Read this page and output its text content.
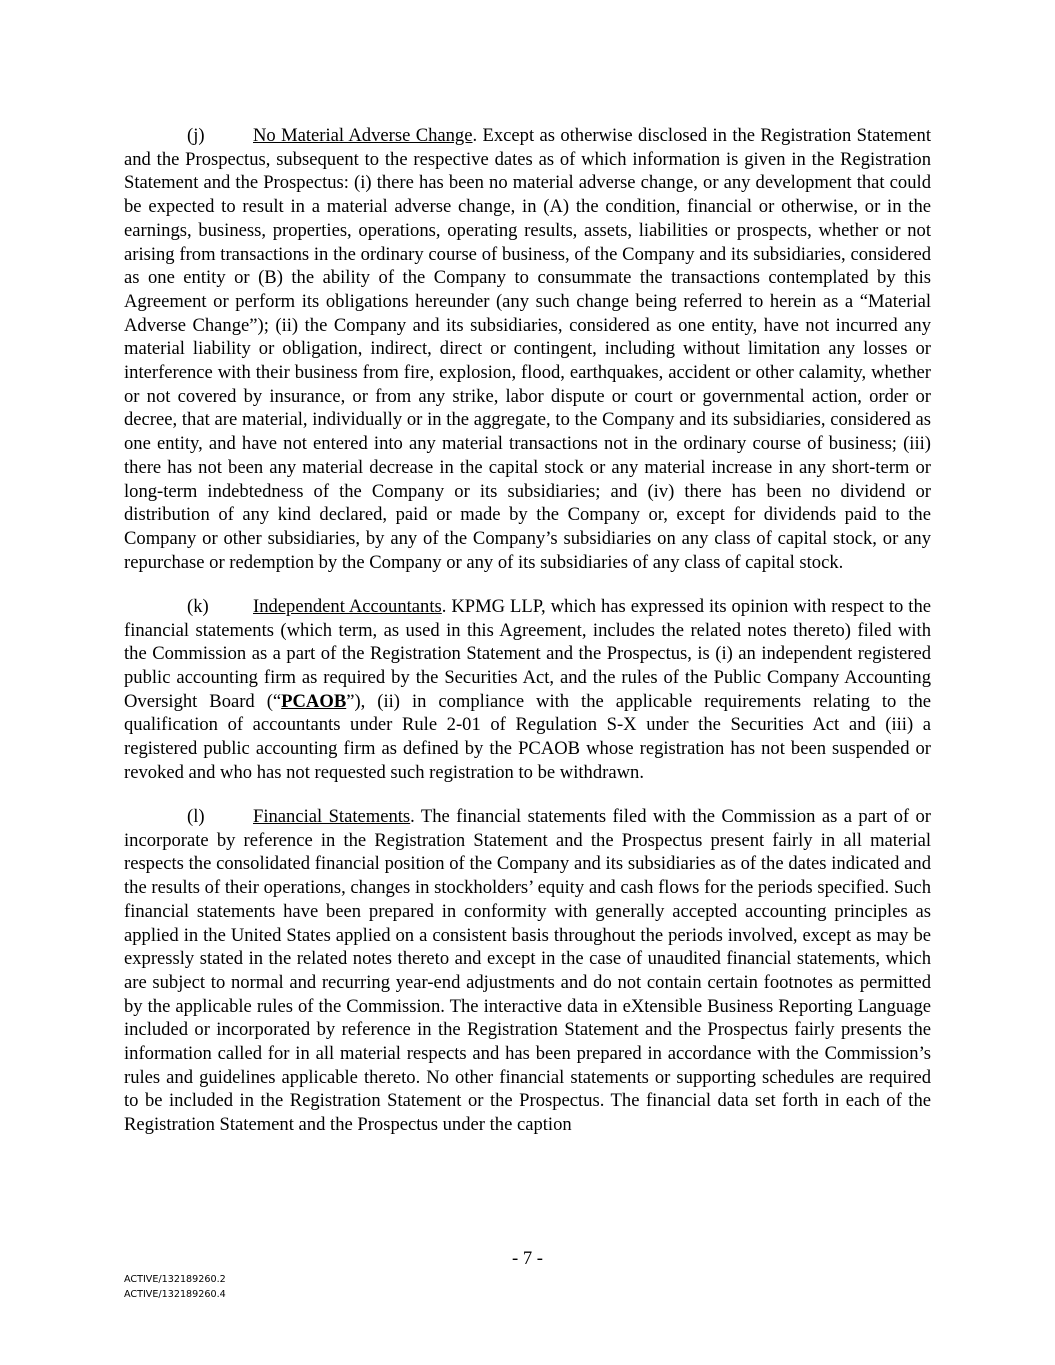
(j)	No Material Adverse Change. Except as otherwise disclosed in the Registration Statement and the Prospectus, subsequent to the respective dates as of which information is given in the Registration Statement and the Prospectus: (i) there has been no material adverse change, or any development that could be expected to result in a material adverse change, in (A) the condition, financial or otherwise, or in the earnings, business, properties, operations, operating results, assets, liabilities or prospects, whether or not arising from transactions in the ordinary course of business, of the Company and its subsidiaries, considered as one entity or (B) the ability of the Company to consummate the transactions contemplated by this Agreement or perform its obligations hereunder (any such change being referred to herein as a “Material Adverse Change”); (ii) the Company and its subsidiaries, considered as one entity, have not incurred any material liability or obligation, indirect, direct or contingent, including without limitation any losses or interference with their business from fire, explosion, flood, earthquakes, accident or other calamity, whether or not covered by insurance, or from any strike, labor dispute or court or governmental action, order or decree, that are material, individually or in the aggregate, to the Company and its subsidiaries, considered as one entity, and have not entered into any material transactions not in the ordinary course of business; (iii) there has not been any material decrease in the capital stock or any material increase in any short-term or long-term indebtedness of the Company or its subsidiaries; and (iv) there has been no dividend or distribution of any kind declared, paid or made by the Company or, except for dividends paid to the Company or other subsidiaries, by any of the Company’s subsidiaries on any class of capital stock, or any repurchase or redemption by the Company or any of its subsidiaries of any class of capital stock.

(k) Independent Accountants. KPMG LLP, which has expressed its opinion with respect to the financial statements (which term, as used in this Agreement, includes the related notes thereto) filed with the Commission as a part of the Registration Statement and the Prospectus, is (i) an independent registered public accounting firm as required by the Securities Act, and the rules of the Public Company Accounting Oversight Board (“PCAOB”), (ii) in compliance with the applicable requirements relating to the qualification of accountants under Rule 2-01 of Regulation S-X under the Securities Act and (iii) a registered public accounting firm as defined by the PCAOB whose registration has not been suspended or revoked and who has not requested such registration to be withdrawn.

(l)	Financial Statements. The financial statements filed with the Commission as a part of or incorporate by reference in the Registration Statement and the Prospectus present fairly in all material respects the consolidated financial position of the Company and its subsidiaries as of the dates indicated and the results of their operations, changes in stockholders’ equity and cash flows for the periods specified. Such financial statements have been prepared in conformity with generally accepted accounting principles as applied in the United States applied on a consistent basis throughout the periods involved, except as may be expressly stated in the related notes thereto and except in the case of unaudited financial statements, which are subject to normal and recurring year-end adjustments and do not contain certain footnotes as permitted by the applicable rules of the Commission. The interactive data in eXtensible Business Reporting Language included or incorporated by reference in the Registration Statement and the Prospectus fairly presents the information called for in all material respects and has been prepared in accordance with the Commission’s rules and guidelines applicable thereto. No other financial statements or supporting schedules are required to be included in the Registration Statement or the Prospectus. The financial data set forth in each of the Registration Statement and the Prospectus under the caption

- 7 -
ACTIVE/132189260.2
ACTIVE/132189260.4
